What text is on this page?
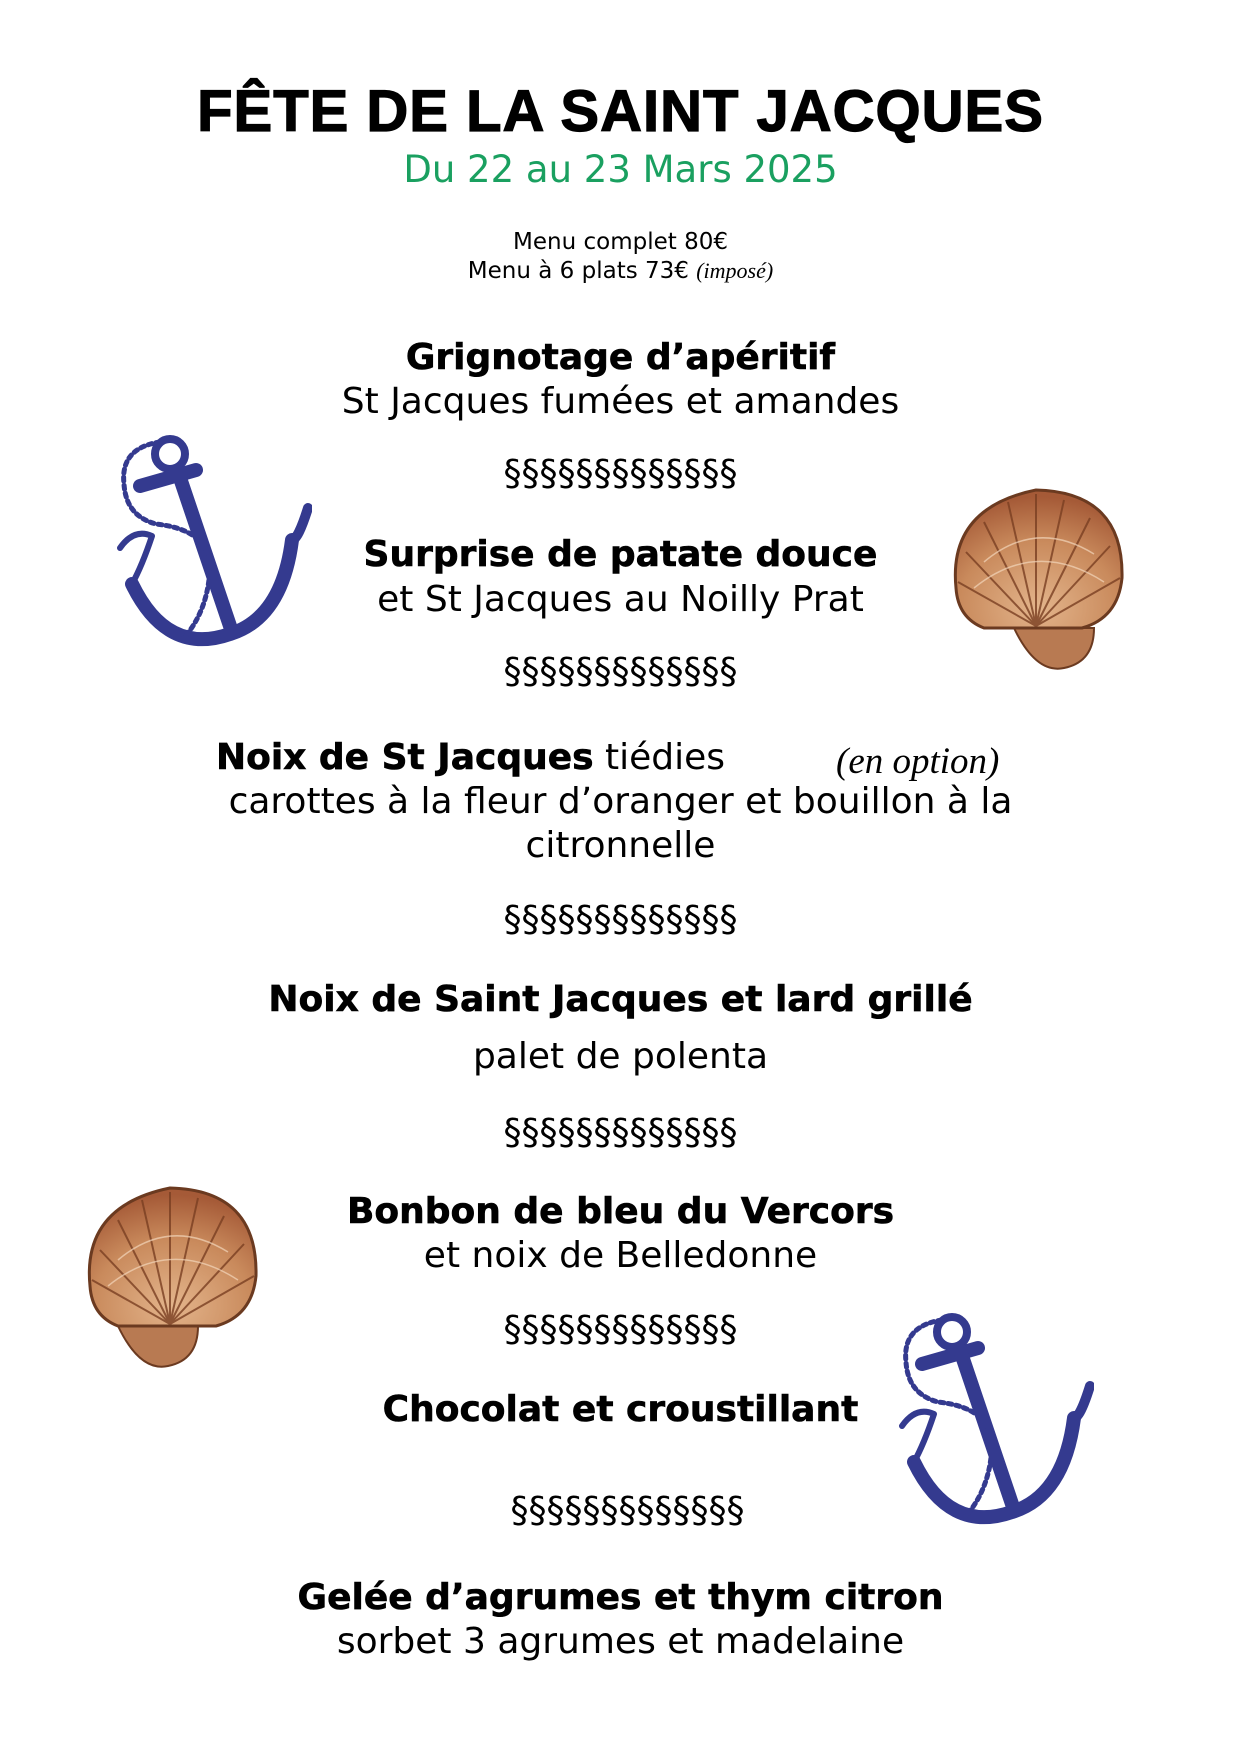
FÊTE DE LA SAINT JACQUES
Du 22 au 23 Mars 2025
Menu complet 80€
Menu à 6 plats 73€ (imposé)
Grignotage d’apéritif
St Jacques fumées et amandes
§§§§§§§§§§§§§
Surprise de patate douce
et St Jacques au Noilly Prat
§§§§§§§§§§§§§
Noix de St Jacques tiédies	(en option)
carottes à la fleur d’oranger et bouillon à la
citronnelle
§§§§§§§§§§§§§
Noix de Saint Jacques et lard grillé
palet de polenta
§§§§§§§§§§§§§
Bonbon de bleu du Vercors
et noix de Belledonne
§§§§§§§§§§§§§
Chocolat et croustillant
§§§§§§§§§§§§§
Gelée d’agrumes et thym citron
sorbet 3 agrumes et madelaine
